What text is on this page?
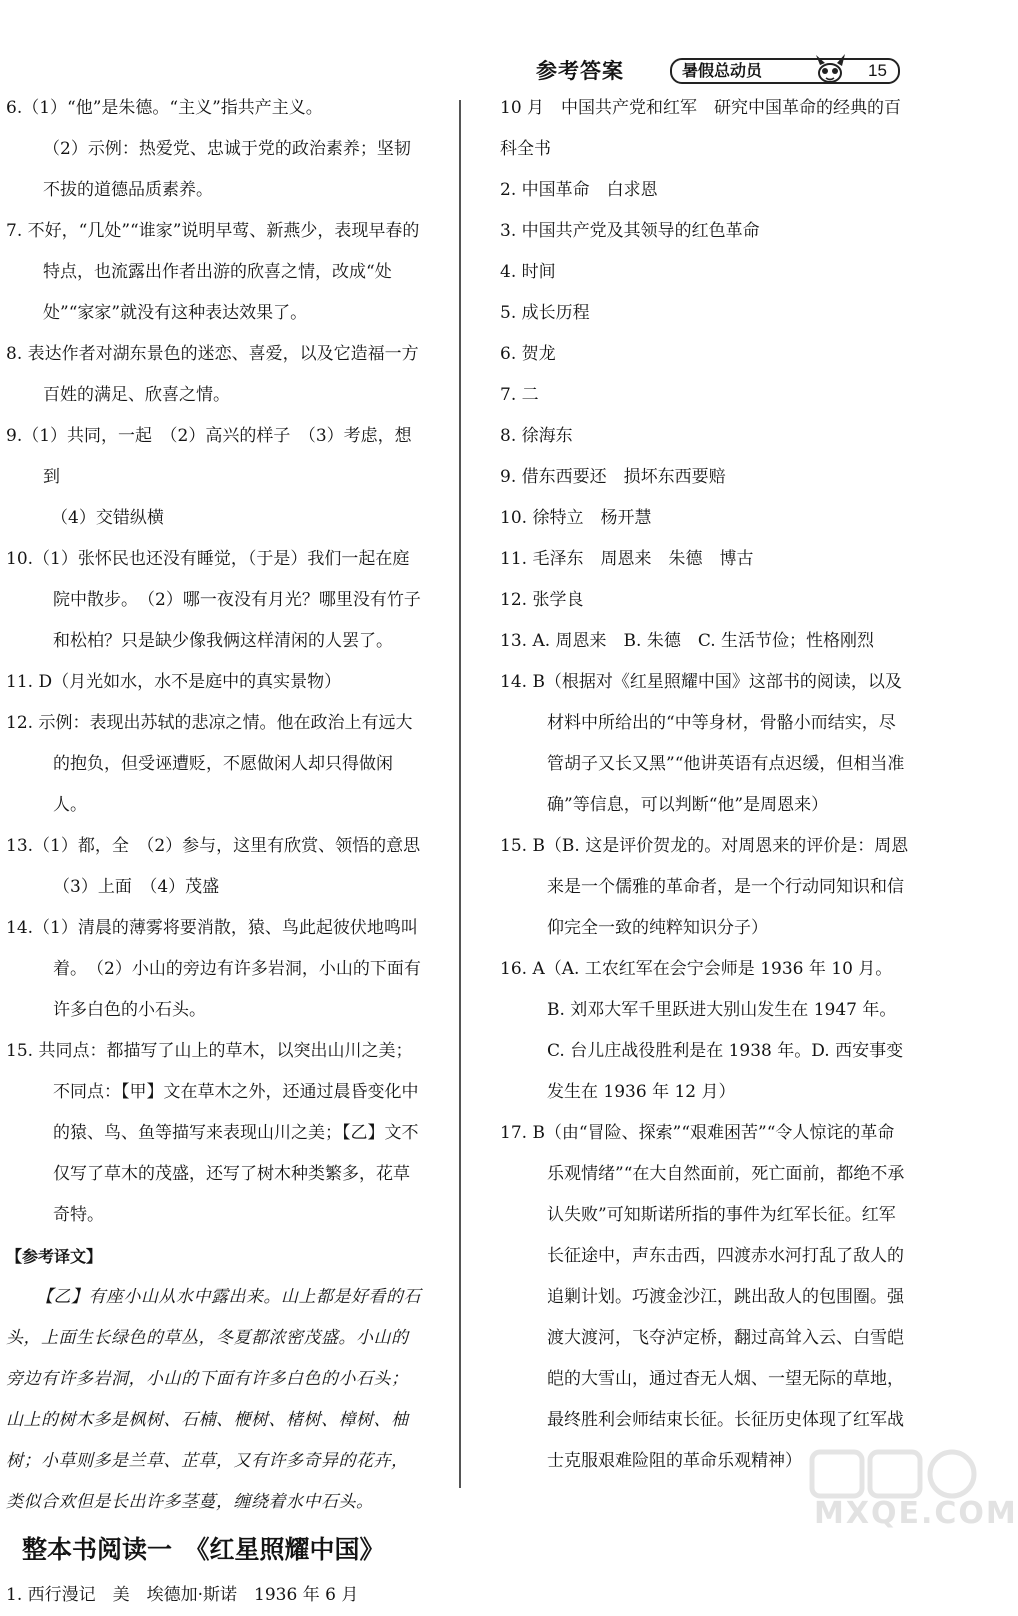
参考答案	暑假总动员	15
6.（1）“他”是朱德。“主义”指共产主义。
（2）示例：热爱党、忠诚于党的政治素养；坚韧不拔的道德品质素养。
7. 不好，“几处”“谁家”说明早莺、新燕少，表现早春的特点，也流露出作者出游的欣喜之情，改成“处处”“家家”就没有这种表达效果了。
8. 表达作者对湖东景色的迷恋、喜爱，以及它造福一方百姓的满足、欣喜之情。
9.（1）共同，一起　（2）高兴的样子　（3）考虑，想到
（4）交错纵横
10.（1）张怀民也还没有睡觉，（于是）我们一起在庭院中散步。　（2）哪一夜没有月光？哪里没有竹子和松柏？只是缺少像我俩这样清闲的人罢了。
11. D（月光如水，水不是庭中的真实景物）
12. 示例：表现出苏轼的悲凉之情。他在政治上有远大的抱负，但受诬遭贬，不愿做闲人却只得做闲人。
13.（1）都，全　（2）参与，这里有欣赏、领悟的意思
（3）上面　（4）茂盛
14.（1）清晨的薄雾将要消散，猿、鸟此起彼伏地鸣叫着。　（2）小山的旁边有许多岩洞，小山的下面有许多白色的小石头。
15. 共同点：都描写了山上的草木，以突出山川之美；
不同点：【甲】文在草木之外，还通过晨昏变化中的猿、鸟、鱼等描写来表现山川之美；【乙】文不仅写了草木的茂盛，还写了树木种类繁多，花草奇特。
【参考译文】
【乙】有座小山从水中露出来。山上都是好看的石头，上面生长绿色的草丛，冬夏都浓密茂盛。小山的旁边有许多岩洞，小山的下面有许多白色的小石头；山上的树木多是枫树、石楠、楩树、楮树、樟树、柚树；小草则多是兰草、芷草，又有许多奇异的花卉，类似合欢但是长出许多茎蔓，缠绕着水中石头。
整本书阅读一　《红星照耀中国》
1. 西行漫记　美　埃德加·斯诺　1936 年 6 月
10 月　中国共产党和红军　研究中国革命的经典的百科全书
2. 中国革命　白求恩
3. 中国共产党及其领导的红色革命
4. 时间
5. 成长历程
6. 贺龙
7. 二
8. 徐海东
9. 借东西要还　损坏东西要赔
10. 徐特立　杨开慧
11. 毛泽东　周恩来　朱德　博古
12. 张学良
13. A. 周恩来　B. 朱德　C. 生活节俭；性格刚烈
14. B（根据对《红星照耀中国》这部书的阅读，以及材料中所给出的“中等身材，骨骼小而结实，尽管胡子又长又黑”“他讲英语有点迟缓，但相当准确”等信息，可以判断“他”是周恩来）
15. B（B. 这是评价贺龙的。对周恩来的评价是：周恩来是一个儒雅的革命者，是一个行动同知识和信仰完全一致的纯粹知识分子）
16. A（A. 工农红军在会宁会师是 1936 年 10 月。B. 刘邓大军千里跃进大别山发生在 1947 年。C. 台儿庄战役胜利是在 1938 年。D. 西安事变发生在 1936 年 12 月）
17. B（由“冒险、探索”“艰难困苦”“令人惊诧的革命乐观情绪”“在大自然面前，死亡面前，都绝不承认失败”可知斯诺所指的事件为红军长征。红军长征途中，声东击西，四渡赤水河打乱了敌人的追剿计划。巧渡金沙江，跳出敌人的包围圈。强渡大渡河，飞夺泸定桥，翻过高耸入云、白雪皑皑的大雪山，通过杳无人烟、一望无际的草地，最终胜利会师结束长征。长征历史体现了红军战士克服艰难险阻的革命乐观精神）
MXQE.COM
